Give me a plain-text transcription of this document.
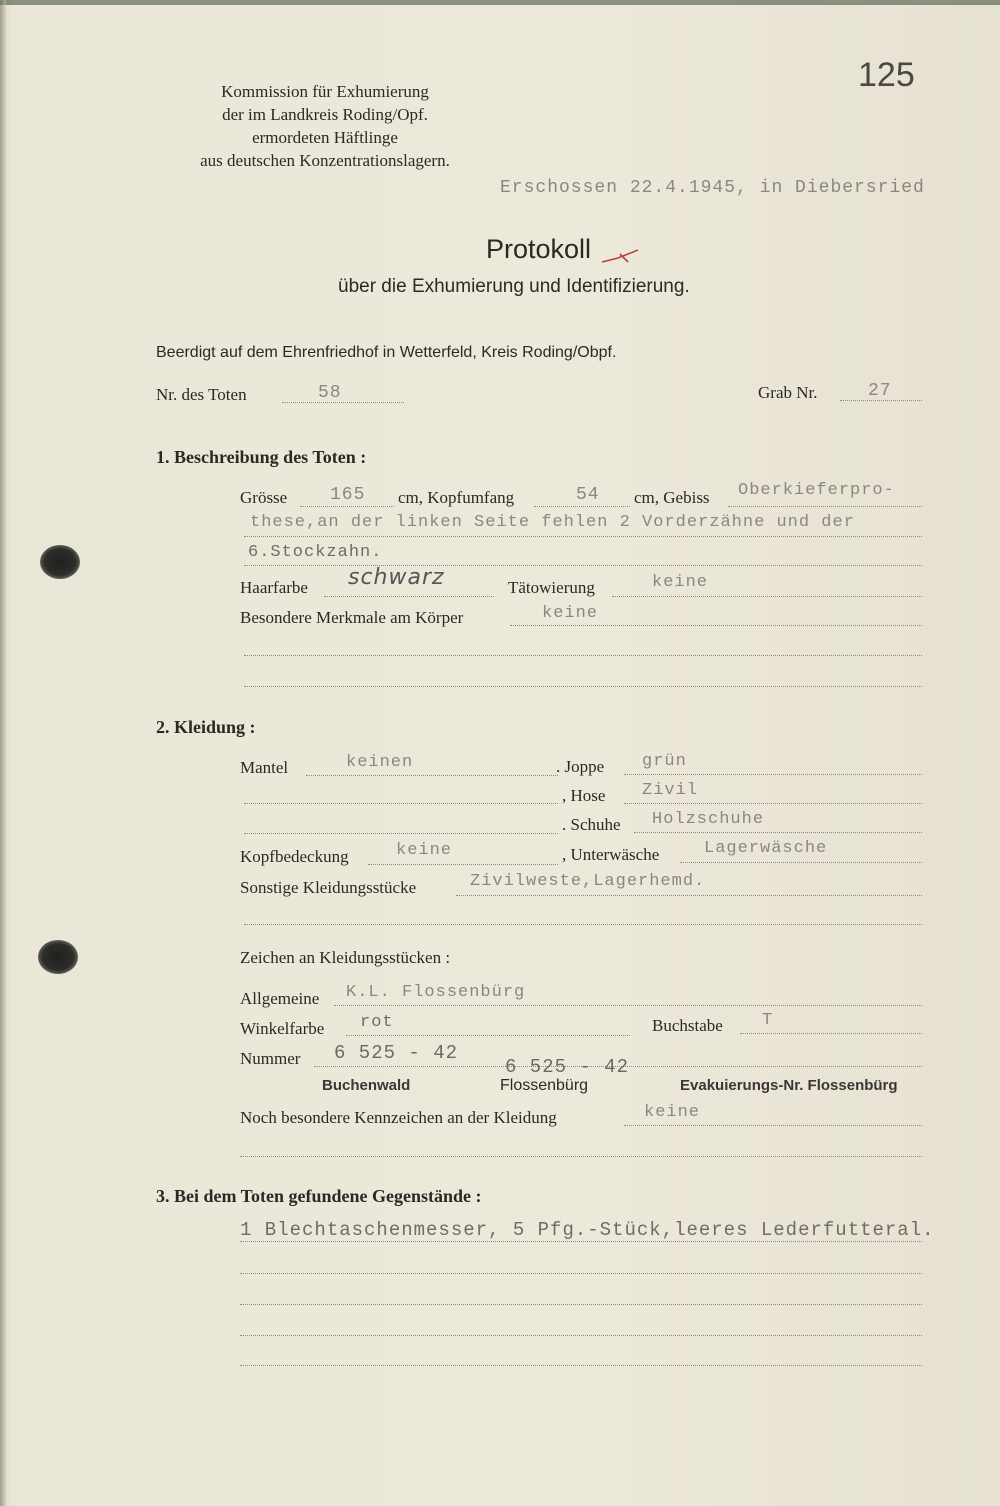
125
Kommission für Exhumierung
der im Landkreis Roding/Opf.
ermordeten Häftlinge
aus deutschen Konzentrationslagern.
Erschossen 22.4.1945, in Diebersried
Protokoll
über die Exhumierung und Identifizierung.
Beerdigt auf dem Ehrenfriedhof in Wetterfeld, Kreis Roding/Obpf.
Nr. des Toten	58	Grab Nr.	27
1. Beschreibung des Toten :
Grösse 165 cm, Kopfumfang	54 cm, Gebiss Oberkieferpro-
these,an der linken Seite fehlen 2 Vorderzähne und der
6.Stockzahn.
Haarfarbe schwarz	Tätowierung	keine
Besondere Merkmale am Körper	keine
2. Kleidung :
Mantel	keinen	. Joppe grün
, Hose Zivil
. Schuhe Holzschuhe
Kopfbedeckung	keine	, Unterwäsche	Lagerwäsche
Sonstige Kleidungsstücke	Zivilweste,Lagerhemd.
Zeichen an Kleidungsstücken :
Allgemeine K.L. Flossenbürg
Winkelfarbe rot	Buchstabe T
Nummer 6 525 - 42
6 525 - 42
Buchenwald	Flossenbürg	Evakuierungs-Nr. Flossenbürg
Noch besondere Kennzeichen an der Kleidung	keine
3. Bei dem Toten gefundene Gegenstände :
1 Blechtaschenmesser, 5 Pfg.-Stück,leeres Lederfutteral.
